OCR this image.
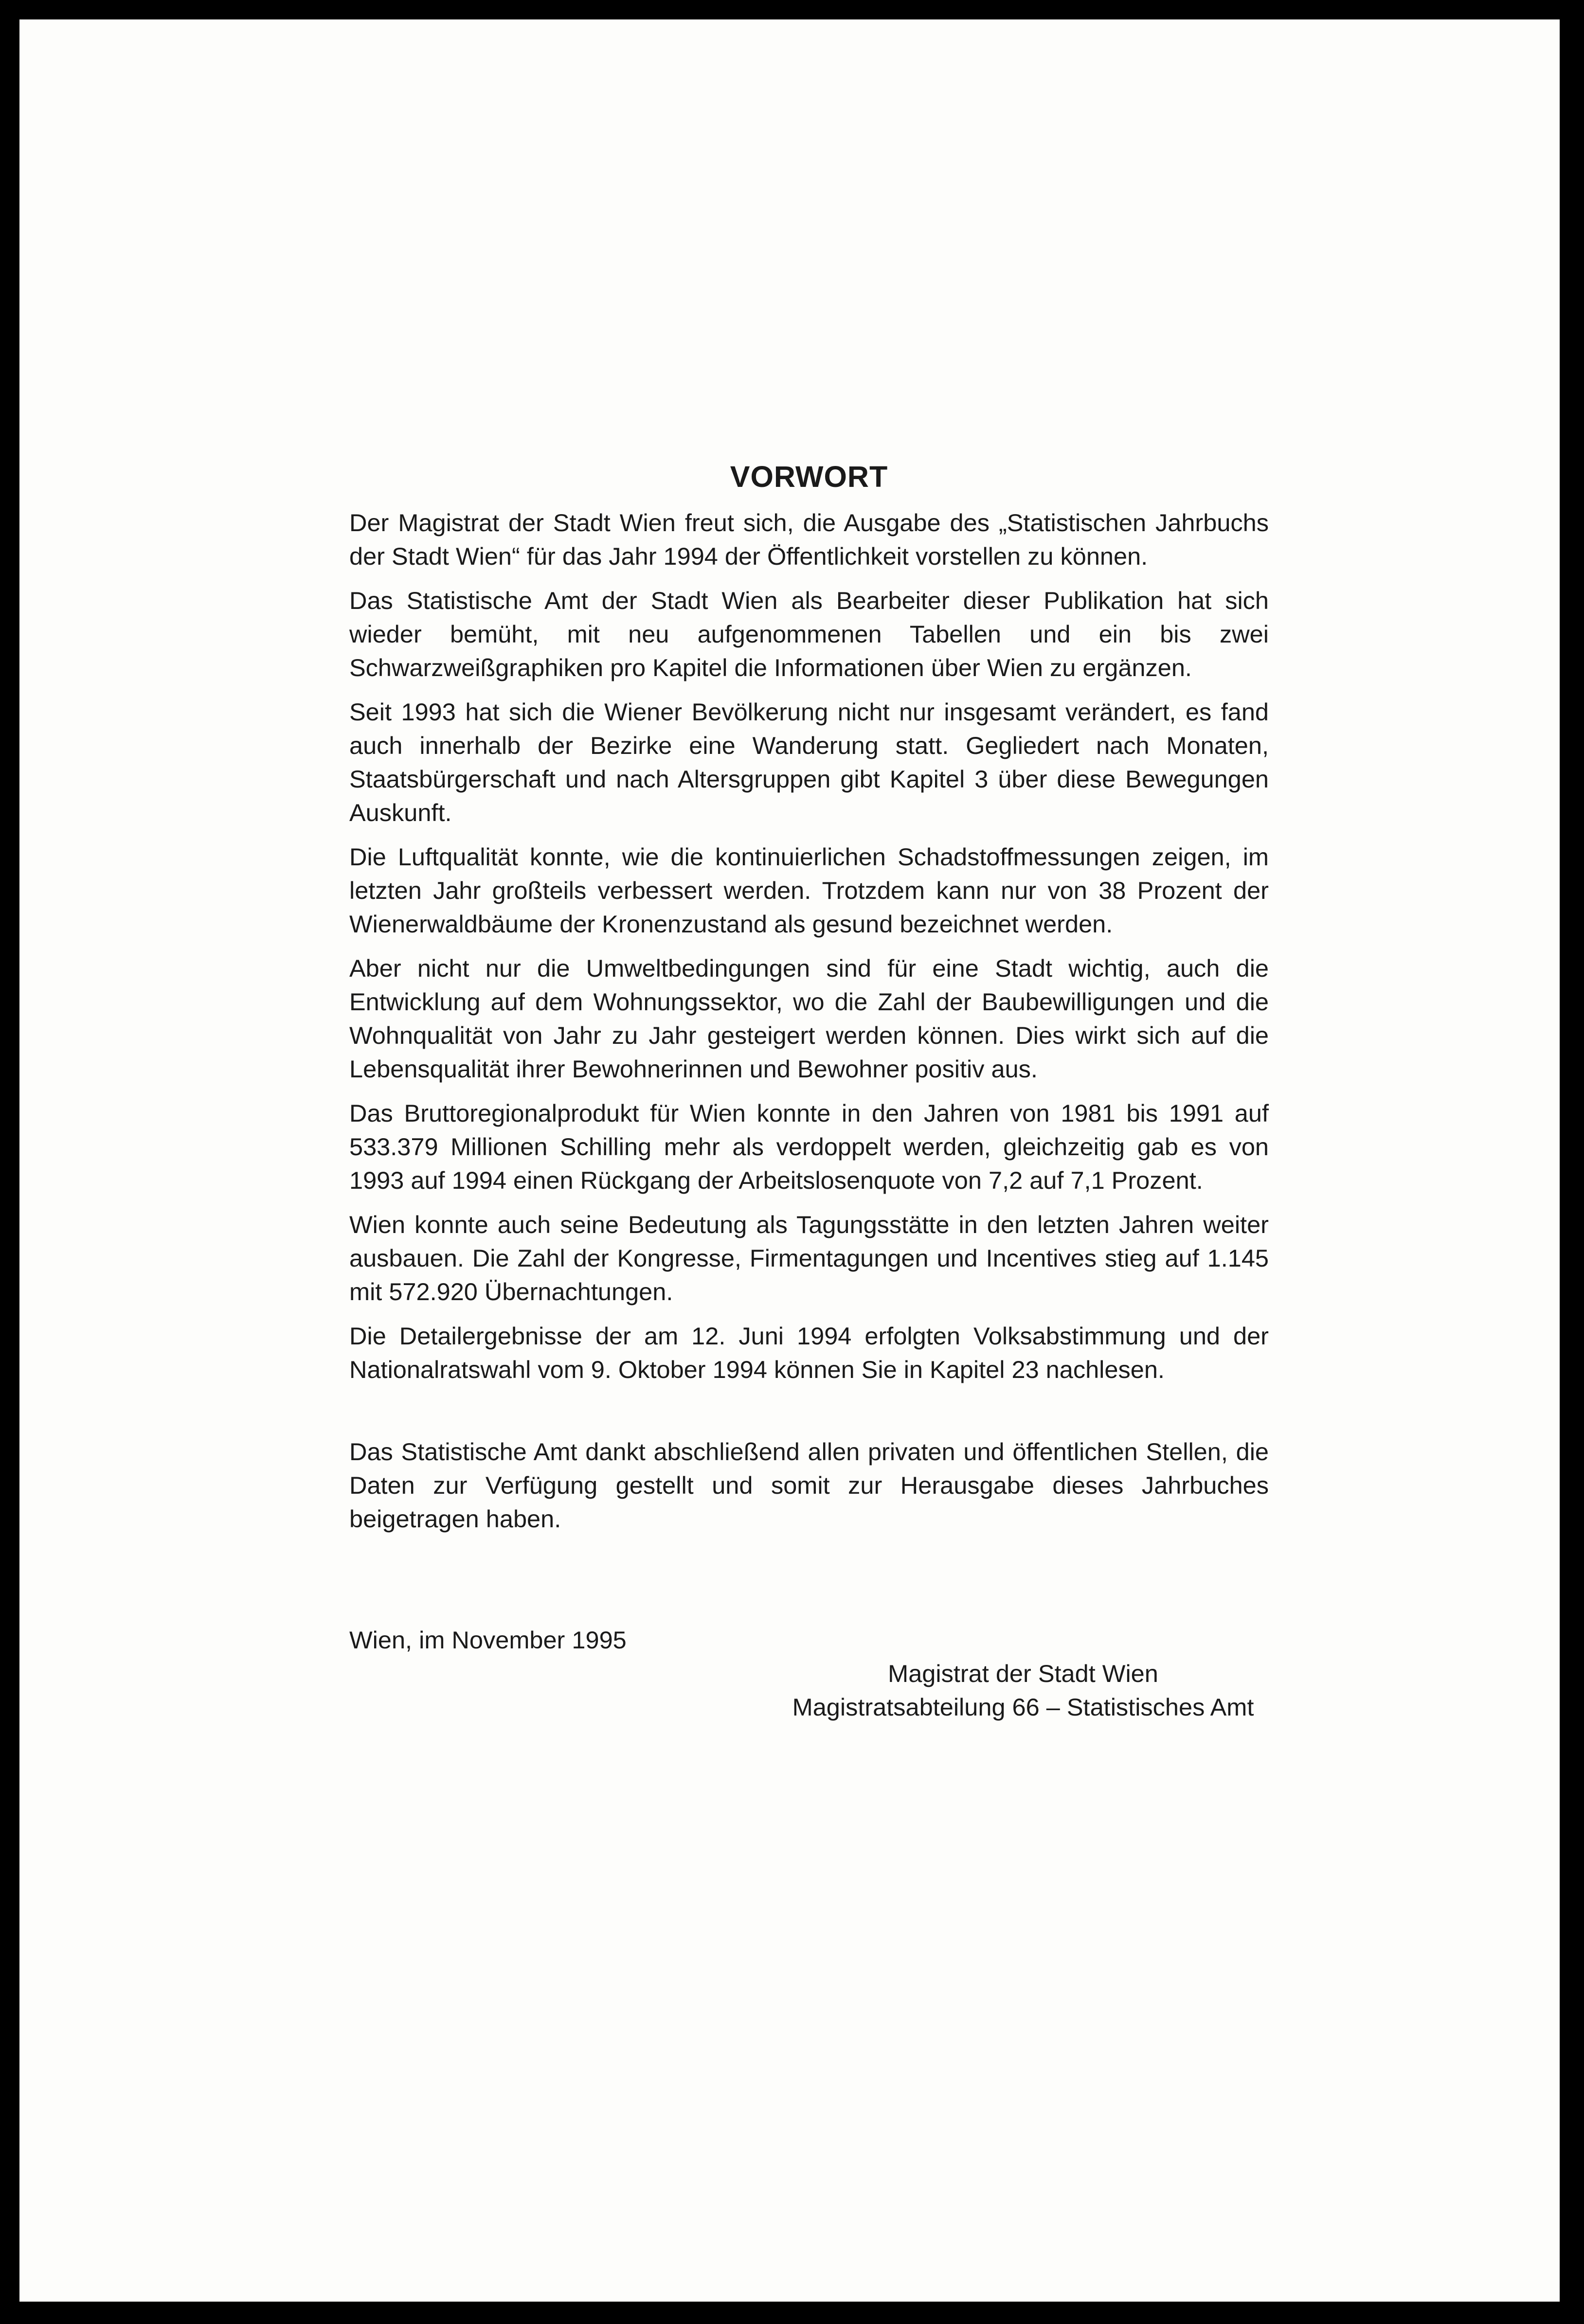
VORWORT

Der Magistrat der Stadt Wien freut sich, die Ausgabe des „Statistischen Jahrbuchs der Stadt Wien“ für das Jahr 1994 der Öffentlichkeit vorstellen zu können.

Das Statistische Amt der Stadt Wien als Bearbeiter dieser Publikation hat sich wieder bemüht, mit neu aufgenommenen Tabellen und ein bis zwei Schwarzweißgraphiken pro Kapitel die Informationen über Wien zu ergänzen.

Seit 1993 hat sich die Wiener Bevölkerung nicht nur insgesamt verändert, es fand auch innerhalb der Bezirke eine Wanderung statt. Gegliedert nach Monaten, Staatsbürgerschaft und nach Altersgruppen gibt Kapitel 3 über diese Bewegungen Auskunft.

Die Luftqualität konnte, wie die kontinuierlichen Schadstoffmessungen zeigen, im letzten Jahr großteils verbessert werden. Trotzdem kann nur von 38 Prozent der Wienerwaldbäume der Kronenzustand als gesund bezeichnet werden.

Aber nicht nur die Umweltbedingungen sind für eine Stadt wichtig, auch die Entwicklung auf dem Wohnungssektor, wo die Zahl der Baubewilligungen und die Wohnqualität von Jahr zu Jahr gesteigert werden können. Dies wirkt sich auf die Lebensqualität ihrer Bewohnerinnen und Bewohner positiv aus.

Das Bruttoregionalprodukt für Wien konnte in den Jahren von 1981 bis 1991 auf 533.379 Millionen Schilling mehr als verdoppelt werden, gleichzeitig gab es von 1993 auf 1994 einen Rückgang der Arbeitslosenquote von 7,2 auf 7,1 Prozent.

Wien konnte auch seine Bedeutung als Tagungsstätte in den letzten Jahren weiter ausbauen. Die Zahl der Kongresse, Firmentagungen und Incentives stieg auf 1.145 mit 572.920 Übernachtungen.

Die Detailergebnisse der am 12. Juni 1994 erfolgten Volksabstimmung und der Nationalratswahl vom 9. Oktober 1994 können Sie in Kapitel 23 nachlesen.

Das Statistische Amt dankt abschließend allen privaten und öffentlichen Stellen, die Daten zur Verfügung gestellt und somit zur Herausgabe dieses Jahrbuches beigetragen haben.

Wien, im November 1995

Magistrat der Stadt Wien
Magistratsabteilung 66 – Statistisches Amt
